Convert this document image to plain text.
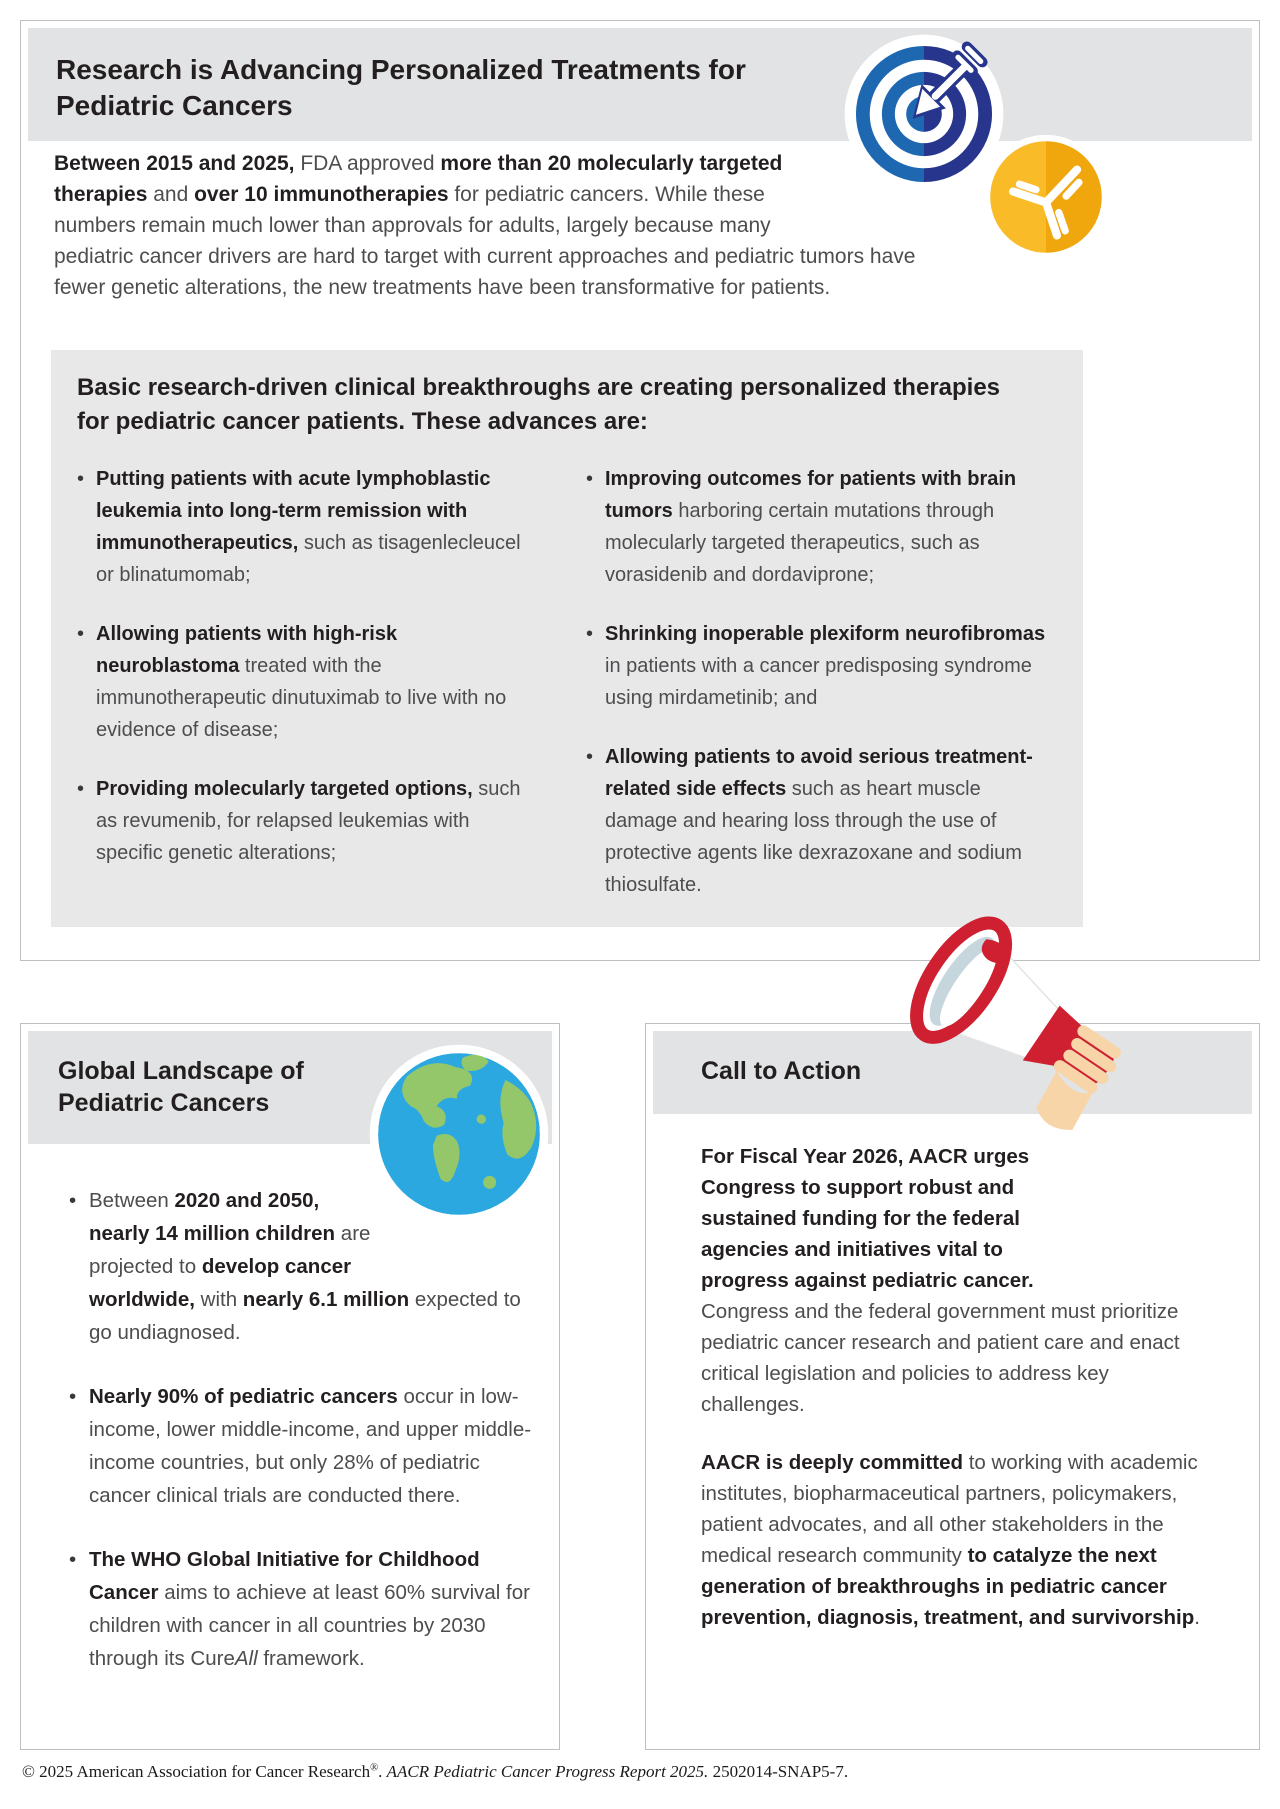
Research is Advancing Personalized Treatments for Pediatric Cancers

Between 2015 and 2025, FDA approved more than 20 molecularly targeted therapies and over 10 immunotherapies for pediatric cancers. While these numbers remain much lower than approvals for adults, largely because many pediatric cancer drivers are hard to target with current approaches and pediatric tumors have fewer genetic alterations, the new treatments have been transformative for patients.

Basic research-driven clinical breakthroughs are creating personalized therapies for pediatric cancer patients. These advances are:
• Putting patients with acute lymphoblastic leukemia into long-term remission with immunotherapeutics, such as tisagenlecleucel or blinatumomab;
• Allowing patients with high-risk neuroblastoma treated with the immunotherapeutic dinutuximab to live with no evidence of disease;
• Providing molecularly targeted options, such as revumenib, for relapsed leukemias with specific genetic alterations;
• Improving outcomes for patients with brain tumors harboring certain mutations through molecularly targeted therapeutics, such as vorasidenib and dordaviprone;
• Shrinking inoperable plexiform neurofibromas in patients with a cancer predisposing syndrome using mirdametinib; and
• Allowing patients to avoid serious treatment-related side effects such as heart muscle damage and hearing loss through the use of protective agents like dexrazoxane and sodium thiosulfate.
Global Landscape of Pediatric Cancers
• Between 2020 and 2050, nearly 14 million children are projected to develop cancer worldwide, with nearly 6.1 million expected to go undiagnosed.
• Nearly 90% of pediatric cancers occur in low-income, lower middle-income, and upper middle-income countries, but only 28% of pediatric cancer clinical trials are conducted there.
• The WHO Global Initiative for Childhood Cancer aims to achieve at least 60% survival for children with cancer in all countries by 2030 through its CureAll framework.
Call to Action

For Fiscal Year 2026, AACR urges Congress to support robust and sustained funding for the federal agencies and initiatives vital to progress against pediatric cancer. Congress and the federal government must prioritize pediatric cancer research and patient care and enact critical legislation and policies to address key challenges.

AACR is deeply committed to working with academic institutes, biopharmaceutical partners, policymakers, patient advocates, and all other stakeholders in the medical research community to catalyze the next generation of breakthroughs in pediatric cancer prevention, diagnosis, treatment, and survivorship.

© 2025 American Association for Cancer Research®. AACR Pediatric Cancer Progress Report 2025. 2502014-SNAP5-7.
